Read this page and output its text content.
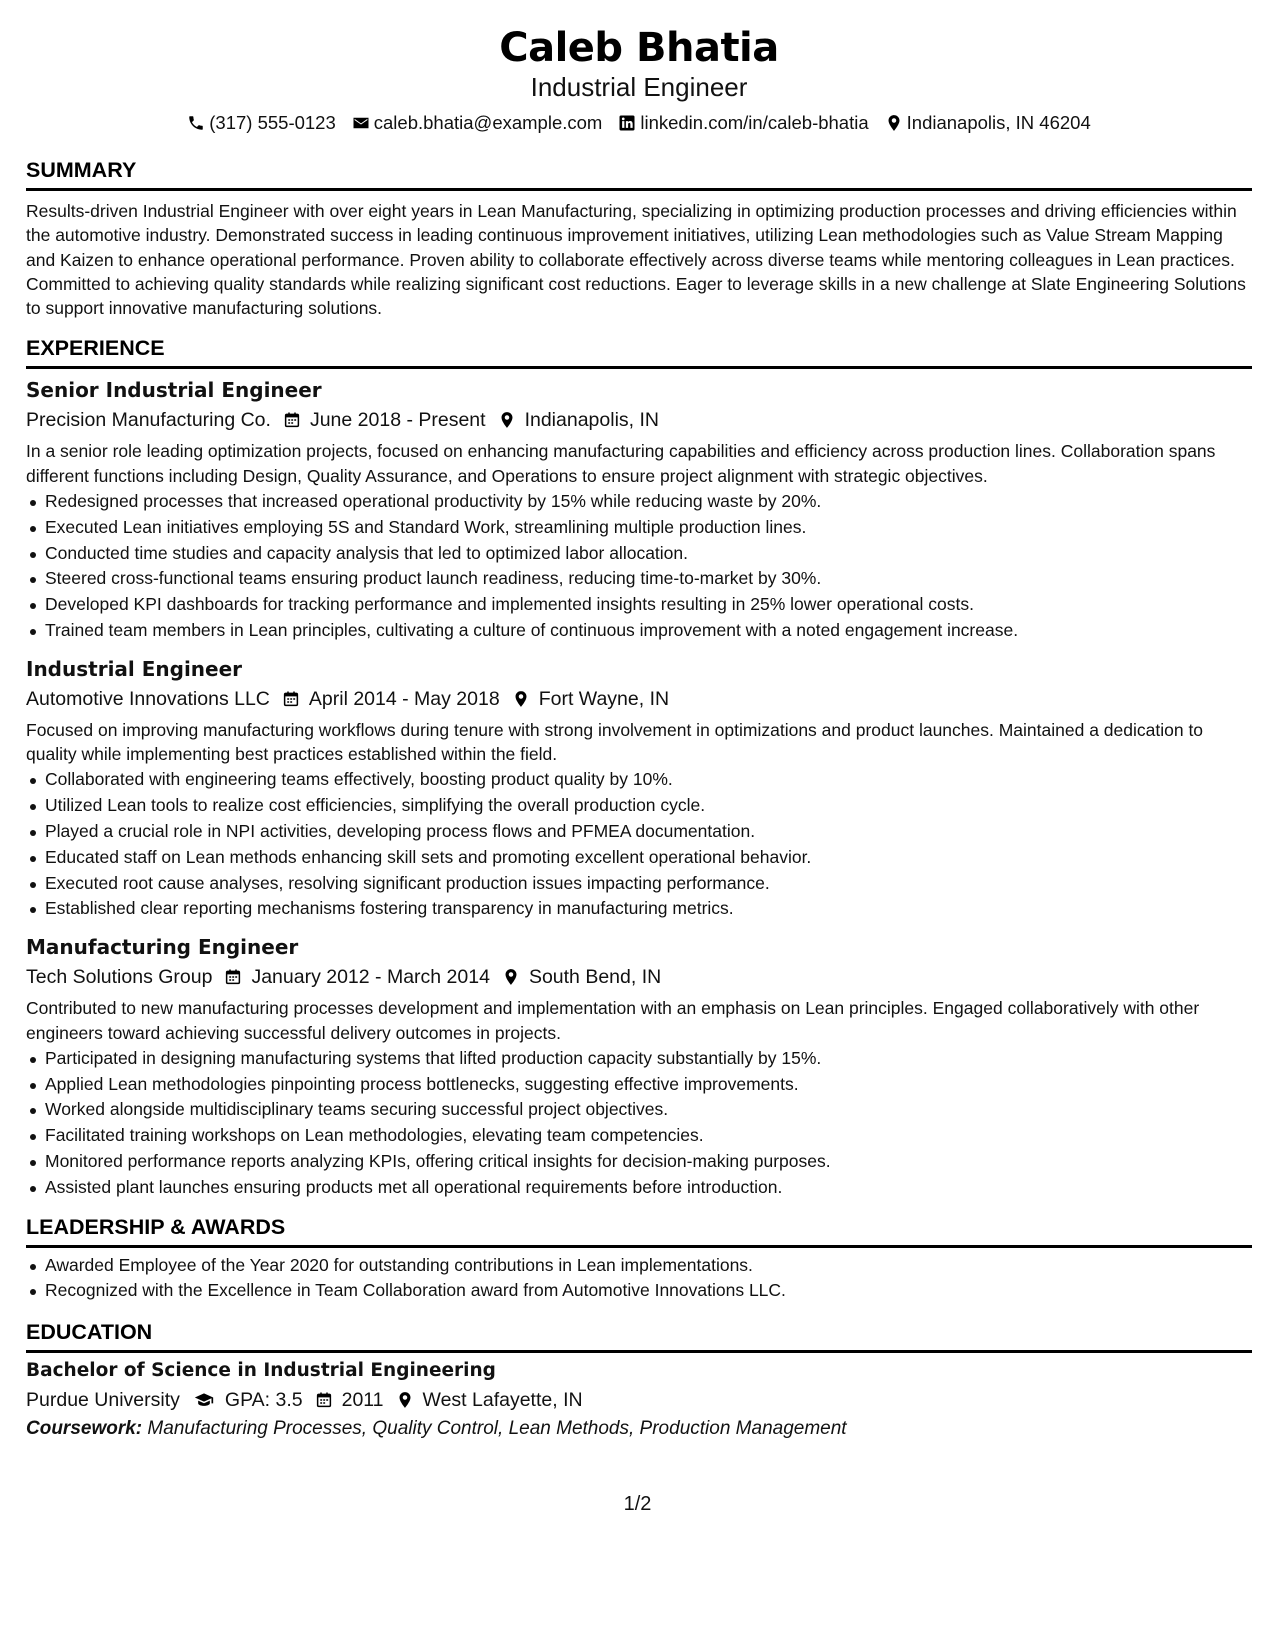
Caleb Bhatia
Industrial Engineer
(317) 555-0123 caleb.bhatia@example.com linkedin.com/in/caleb-bhatia Indianapolis, IN 46204
SUMMARY
Results-driven Industrial Engineer with over eight years in Lean Manufacturing, specializing in optimizing production processes and driving efficiencies within the automotive industry. Demonstrated success in leading continuous improvement initiatives, utilizing Lean methodologies such as Value Stream Mapping and Kaizen to enhance operational performance. Proven ability to collaborate effectively across diverse teams while mentoring colleagues in Lean practices. Committed to achieving quality standards while realizing significant cost reductions. Eager to leverage skills in a new challenge at Slate Engineering Solutions to support innovative manufacturing solutions.
EXPERIENCE
Senior Industrial Engineer
Precision Manufacturing Co. June 2018 - Present Indianapolis, IN
In a senior role leading optimization projects, focused on enhancing manufacturing capabilities and efficiency across production lines. Collaboration spans different functions including Design, Quality Assurance, and Operations to ensure project alignment with strategic objectives.
Redesigned processes that increased operational productivity by 15% while reducing waste by 20%.
Executed Lean initiatives employing 5S and Standard Work, streamlining multiple production lines.
Conducted time studies and capacity analysis that led to optimized labor allocation.
Steered cross-functional teams ensuring product launch readiness, reducing time-to-market by 30%.
Developed KPI dashboards for tracking performance and implemented insights resulting in 25% lower operational costs.
Trained team members in Lean principles, cultivating a culture of continuous improvement with a noted engagement increase.
Industrial Engineer
Automotive Innovations LLC April 2014 - May 2018 Fort Wayne, IN
Focused on improving manufacturing workflows during tenure with strong involvement in optimizations and product launches. Maintained a dedication to quality while implementing best practices established within the field.
Collaborated with engineering teams effectively, boosting product quality by 10%.
Utilized Lean tools to realize cost efficiencies, simplifying the overall production cycle.
Played a crucial role in NPI activities, developing process flows and PFMEA documentation.
Educated staff on Lean methods enhancing skill sets and promoting excellent operational behavior.
Executed root cause analyses, resolving significant production issues impacting performance.
Established clear reporting mechanisms fostering transparency in manufacturing metrics.
Manufacturing Engineer
Tech Solutions Group January 2012 - March 2014 South Bend, IN
Contributed to new manufacturing processes development and implementation with an emphasis on Lean principles. Engaged collaboratively with other engineers toward achieving successful delivery outcomes in projects.
Participated in designing manufacturing systems that lifted production capacity substantially by 15%.
Applied Lean methodologies pinpointing process bottlenecks, suggesting effective improvements.
Worked alongside multidisciplinary teams securing successful project objectives.
Facilitated training workshops on Lean methodologies, elevating team competencies.
Monitored performance reports analyzing KPIs, offering critical insights for decision-making purposes.
Assisted plant launches ensuring products met all operational requirements before introduction.
LEADERSHIP & AWARDS
Awarded Employee of the Year 2020 for outstanding contributions in Lean implementations.
Recognized with the Excellence in Team Collaboration award from Automotive Innovations LLC.
EDUCATION
Bachelor of Science in Industrial Engineering
Purdue University GPA: 3.5 2011 West Lafayette, IN
Coursework: Manufacturing Processes, Quality Control, Lean Methods, Production Management
1/2
